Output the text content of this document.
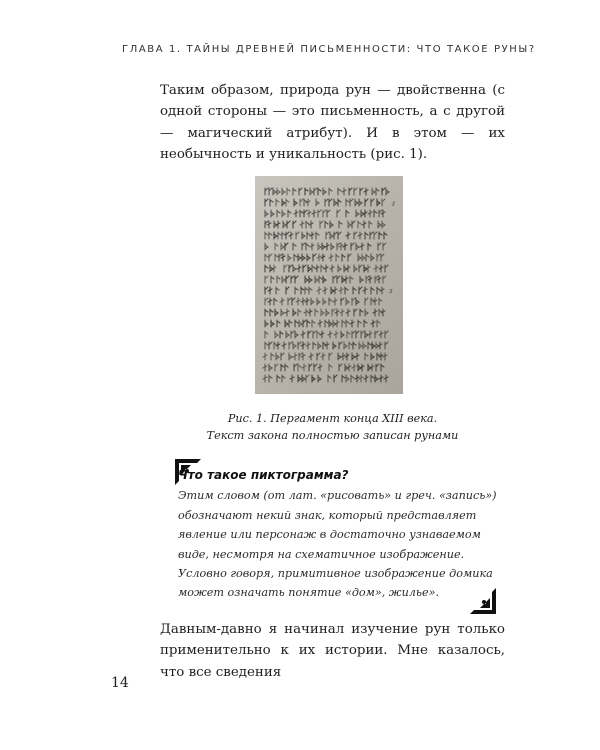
ГЛАВА 1. ТАЙНЫ ДРЕВНЕЙ ПИСЬМЕННОСТИ: ЧТО ТАКОЕ РУНЫ?

Таким образом, природа рун — двойственна (с одной стороны — это письменность, а с другой — магический атрибут). И в этом — их необычность и уникальность (рис. 1).

ℓ
ɜ
Рис. 1. Пергамент конца XIII века.
Текст закона полностью записан рунами
Что такое пиктограмма?

Этим словом (от лат. «рисовать» и греч. «запись») обозначают некий знак, который представляет явление или персонаж в достаточно узнаваемом виде, несмотря на схематичное изображение. Условно говоря, примитивное изображение домика может означать понятие «дом», жилье».

Давным-давно я начинал изучение рун только применительно к их истории. Мне казалось, что все сведения

14
